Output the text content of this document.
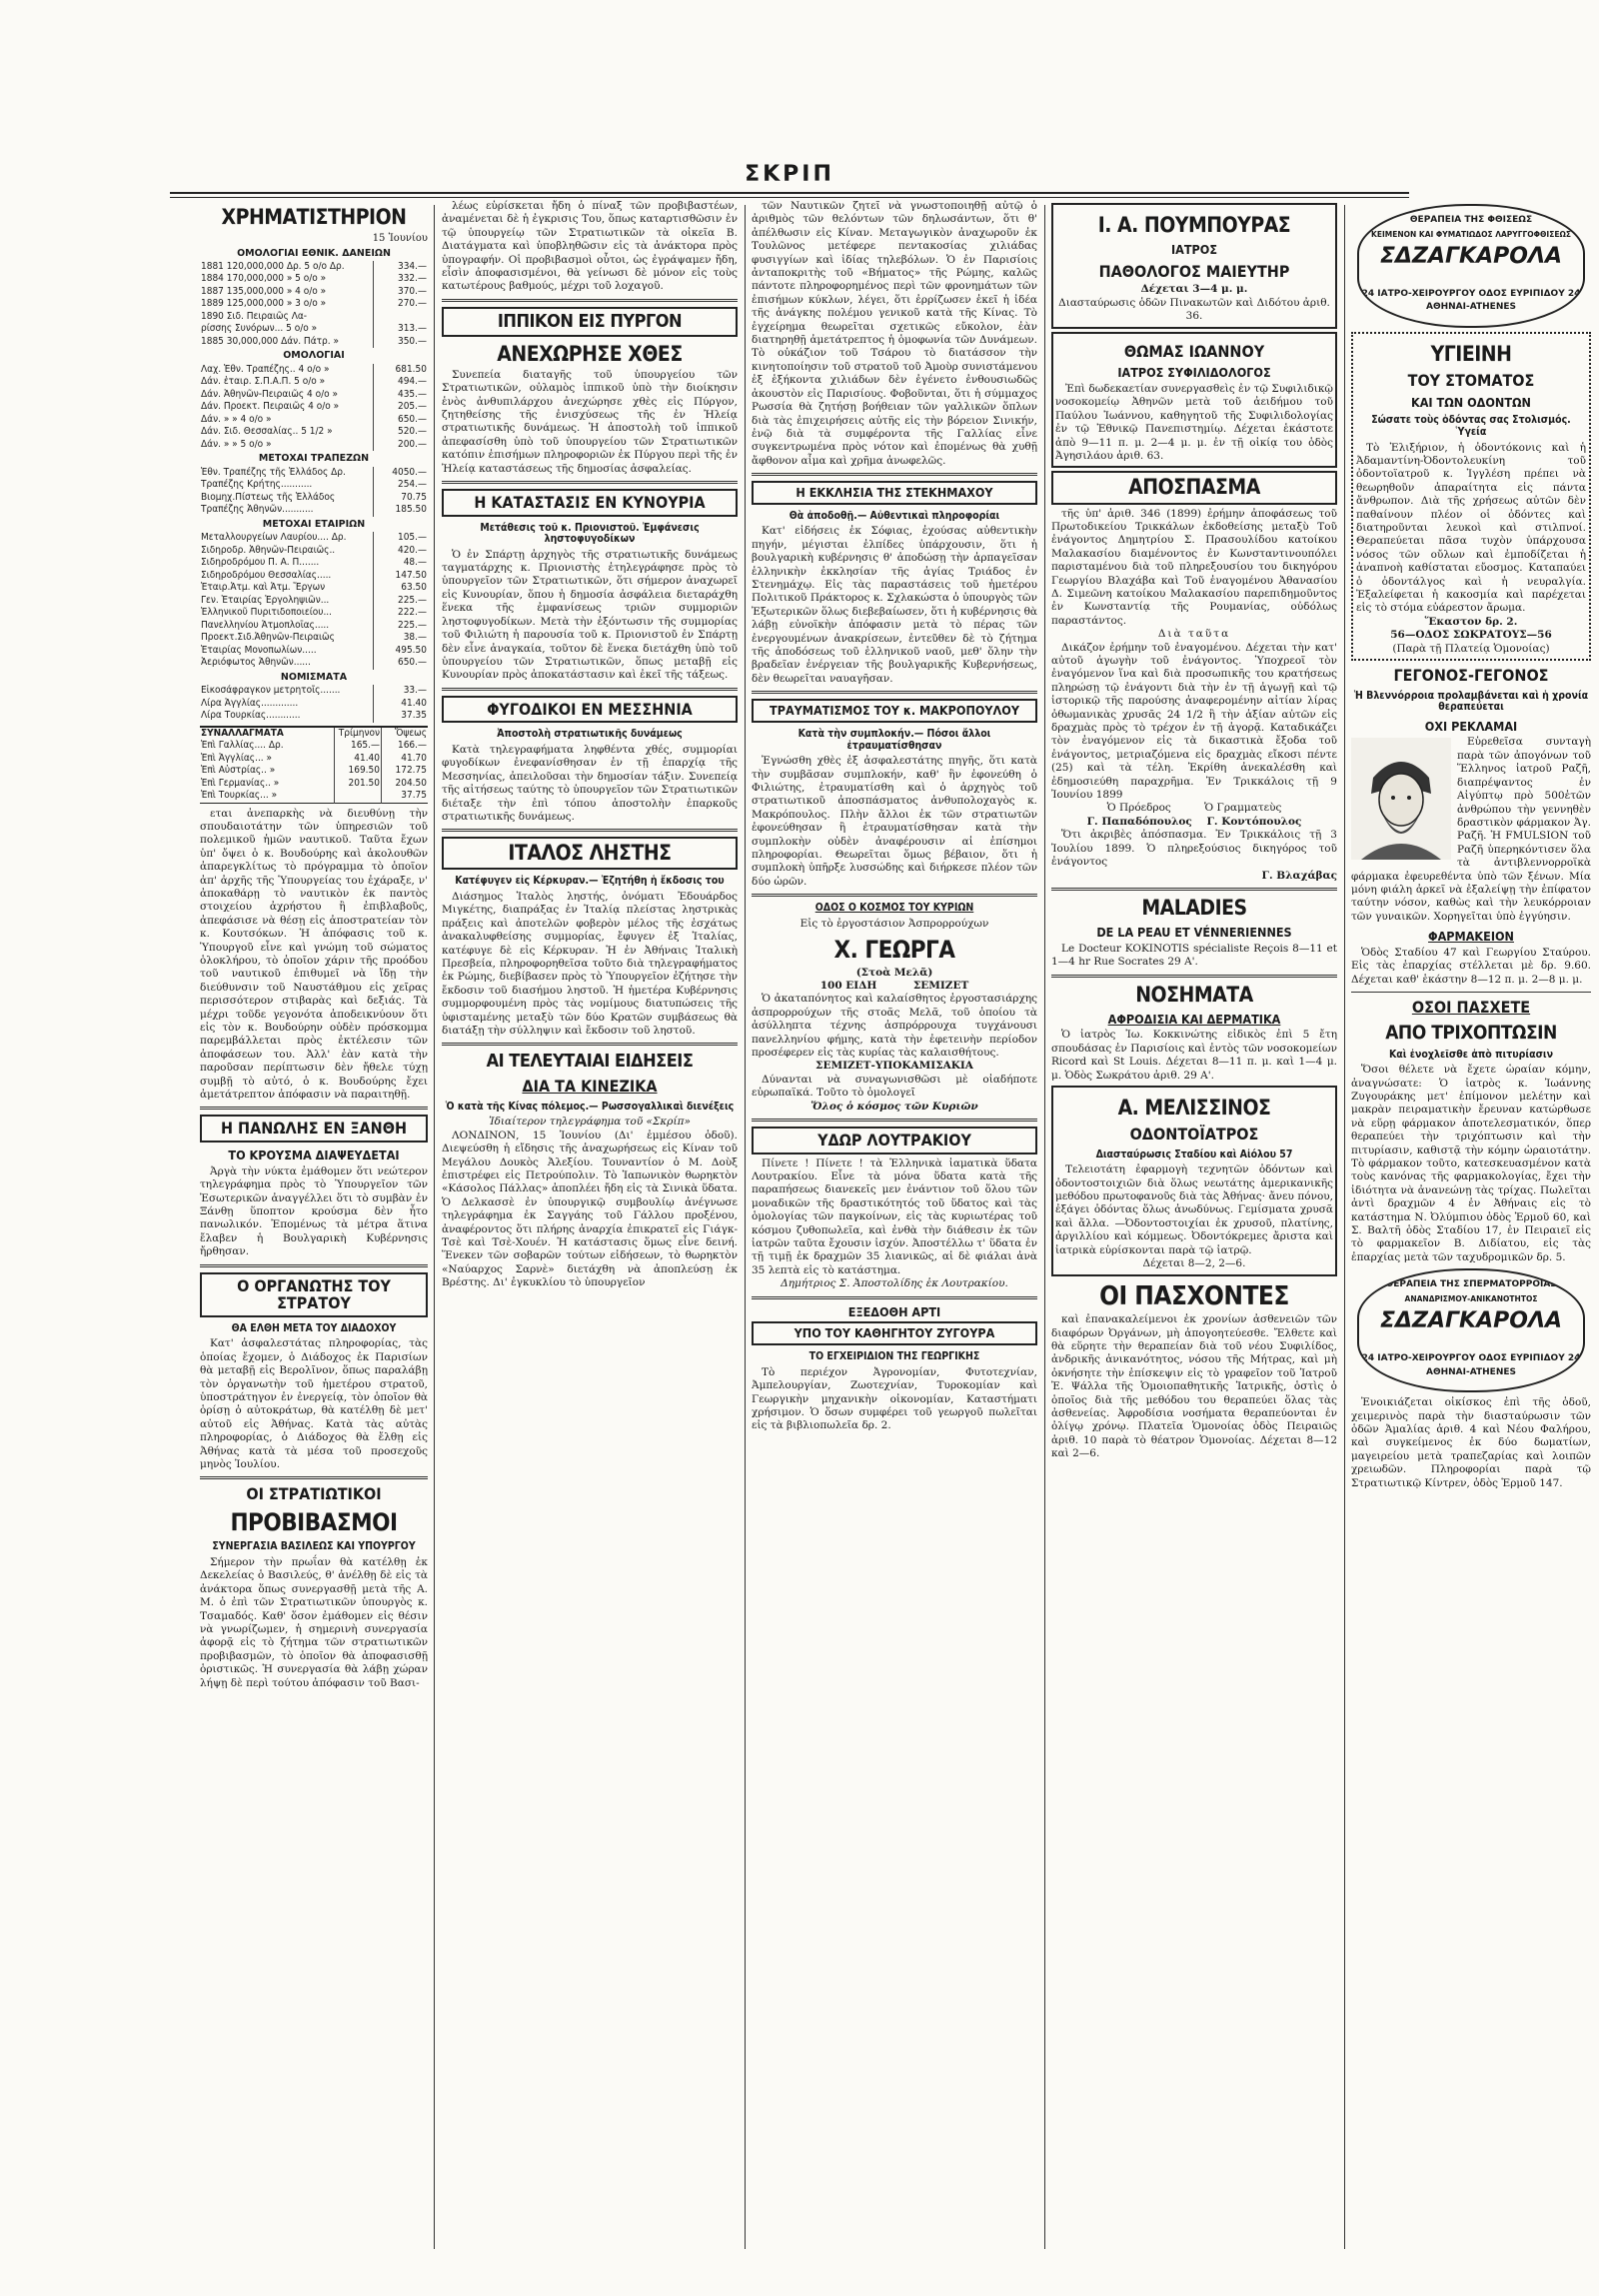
ΣΚΡΙΠ
ΧΡΗΜΑΤΙΣΤΗΡΙΟΝ
15 Ἰουνίου
ΟΜΟΛΟΓΙΑΙ ΕΘΝΙΚ. ΔΑΝΕΙΩΝ
1881 120,000,000 Δρ. 5 ο/ο Δρ.	334.—
1884 170,000,000 » 5 ο/ο »	332.—
1887 135,000,000 » 4 ο/ο »	370.—
1889 125,000,000 » 3 ο/ο »	270.—
1890 Σιδ. Πειραιῶς Λα-	
ρίσσης Συνόρων... 5 ο/ο »	313.—
1885 30,000,000 Δάν. Πάτρ. »	350.—
ΟΜΟΛΟΓΙΑΙ
Λαχ. Ἐθν. Τραπέζης.. 4 ο/ο »	681.50
Δάν. ἑταιρ. Σ.Π.Α.Π. 5 ο/ο »	494.—
Δάν. Ἀθηνῶν-Πειραιῶς 4 ο/ο »	435.—
Δάν. Προεκτ. Πειραιῶς 4 ο/ο »	205.—
Δάν. » » 4 ο/ο »	650.—
Δάν. Σιδ. Θεσσαλίας.. 5 1/2 »	520.—
Δάν. » » 5 ο/ο »	200.—
ΜΕΤΟΧΑΙ ΤΡΑΠΕΖΩΝ
Ἐθν. Τραπέζης τῆς Ἑλλάδος Δρ.	4050.—
Τραπέζης Κρήτης...........	254.—
Βιομηχ.Πίστεως τῆς Ἑλλάδος	70.75
Τραπέζης Ἀθηνῶν...........	185.50
ΜΕΤΟΧΑΙ ΕΤΑΙΡΙΩΝ
Μεταλλουργείων Λαυρίου.... Δρ.	105.—
Σιδηροδρ. Ἀθηνῶν-Πειραιῶς..	420.—
Σιδηροδρόμου Π. Α. Π.......	48.—
Σιδηροδρόμου Θεσσαλίας.....	147.50
Ἑταιρ.Ἀτμ. καὶ Ἀτμ. Ἔργων	63.50
Γεν. Ἑταιρίας Ἐργοληψιῶν...	225.—
Ἑλληνικοῦ Πυριτιδοποιείου...	222.—
Πανελληνίου Ἀτμοπλοΐας.....	225.—
Προεκτ.Σιδ.Ἀθηνῶν-Πειραιῶς	38.—
Ἑταιρίας Μονοπωλίων.....	495.50
Ἀεριόφωτος Ἀθηνῶν......	650.—
ΝΟΜΙΣΜΑΤΑ
Εἰκοσάφραγκον μετρητοῖς.......	33.—
Λίρα Ἀγγλίας.............	41.40
Λίρα Τουρκίας............	37.35
ΣΥΝΑΛΛΑΓΜΑΤΑ	Τρίμηνον	Ὄψεως
Ἐπὶ Γαλλίας.... Δρ.	165.—	166.—
Ἐπὶ Ἀγγλίας... »	41.40	41.70
Ἐπὶ Αὐστρίας.. »	169.50	172.75
Ἐπὶ Γερμανίας.. »	201.50	204.50
Ἐπὶ Τουρκίας... »		37.75

εται ἀνεπαρκὴς νὰ διευθύνῃ τὴν σπουδαιοτάτην τῶν ὑπηρεσιῶν τοῦ πολεμικοῦ ἡμῶν ναυτικοῦ. Ταῦτα ἔχων ὑπ' ὄψει ὁ κ. Βουδούρης καὶ ἀκολουθῶν ἀπαρεγκλίτως τὸ πρόγραμμα τὸ ὁποῖον ἀπ' ἀρχῆς τῆς Ὑπουργείας του ἐχάραξε, ν' ἀποκαθάρῃ τὸ ναυτικὸν ἐκ παντὸς στοιχείου ἀχρήστου ἢ ἐπιβλαβοῦς, ἀπεφάσισε νὰ θέσῃ εἰς ἀποστρατείαν τὸν κ. Κουτσόκων. Ἡ ἀπόφασις τοῦ κ. Ὑπουργοῦ εἶνε καὶ γνώμη τοῦ σώματος ὁλοκλήρου, τὸ ὁποῖον χάριν τῆς προόδου τοῦ ναυτικοῦ ἐπιθυμεῖ νὰ ἴδῃ τὴν διεύθυνσιν τοῦ Ναυστάθμου εἰς χεῖρας περισσότερον στιβαρὰς καὶ δεξιάς. Τὰ μέχρι τοῦδε γεγονότα ἀποδεικνύουν ὅτι εἰς τὸν κ. Βουδούρην οὐδὲν πρόσκομμα παρεμβάλλεται πρὸς ἐκτέλεσιν τῶν ἀποφάσεων του. Ἀλλ' ἐὰν κατὰ τὴν παροῦσαν περίπτωσιν δὲν ἤθελε τύχῃ συμβῇ τὸ αὐτό, ὁ κ. Βουδούρης ἔχει ἀμετάτρεπτον ἀπόφασιν νὰ παραιτηθῇ.

Η ΠΑΝΩΛΗΣ ΕΝ ΞΑΝΘΗ
ΤΟ ΚΡΟΥΣΜΑ ΔΙΑΨΕΥΔΕΤΑΙ

Ἀργὰ τὴν νύκτα ἐμάθομεν ὅτι νεώτερον τηλεγράφημα πρὸς τὸ Ὑπουργεῖον τῶν Ἐσωτερικῶν ἀναγγέλλει ὅτι τὸ συμβὰν ἐν Ξάνθῃ ὕποπτον κρούσμα δὲν ἦτο πανωλικόν. Ἐπομένως τὰ μέτρα ἅτινα ἔλαβεν ἡ Βουλγαρικὴ Κυβέρνησις ἤρθησαν.

Ο ΟΡΓΑΝΩΤΗΣ ΤΟΥ ΣΤΡΑΤΟΥ
ΘΑ ΕΛΘΗ ΜΕΤΑ ΤΟΥ ΔΙΑΔΟΧΟΥ

Κατ' ἀσφαλεστάτας πληροφορίας, τὰς ὁποίας ἔχομεν, ὁ Διάδοχος ἐκ Παρισίων θὰ μεταβῇ εἰς Βερολῖνον, ὅπως παραλάβῃ τὸν ὀργανωτὴν τοῦ ἡμετέρου στρατοῦ, ὑποστράτηγον ἐν ἐνεργείᾳ, τὸν ὁποῖον θὰ ὁρίσῃ ὁ αὐτοκράτωρ, θὰ κατέλθῃ δὲ μετ' αὐτοῦ εἰς Ἀθήνας. Κατὰ τὰς αὐτὰς πληροφορίας, ὁ Διάδοχος θὰ ἔλθῃ εἰς Ἀθήνας κατὰ τὰ μέσα τοῦ προσεχοῦς μηνὸς Ἰουλίου.

ΟΙ ΣΤΡΑΤΙΩΤΙΚΟΙ
ΠΡΟΒΙΒΑΣΜΟΙ
ΣΥΝΕΡΓΑΣΙΑ ΒΑΣΙΛΕΩΣ ΚΑΙ ΥΠΟΥΡΓΟΥ

Σήμερον τὴν πρωΐαν θὰ κατέλθῃ ἐκ Δεκελείας ὁ Βασιλεύς, θ' ἀνέλθῃ δὲ εἰς τὰ ἀνάκτορα ὅπως συνεργασθῇ μετὰ τῆς Α. Μ. ὁ ἐπὶ τῶν Στρατιωτικῶν ὑπουργὸς κ. Τσαμαδός. Καθ' ὅσον ἐμάθομεν εἰς θέσιν νὰ γνωρίζωμεν, ἡ σημερινὴ συνεργασία ἀφορᾷ εἰς τὸ ζήτημα τῶν στρατιωτικῶν προβιβασμῶν, τὸ ὁποῖον θὰ ἀποφασισθῇ ὁριστικῶς. Ἡ συνεργασία θὰ λάβῃ χώραν λήψῃ δὲ περὶ τούτου ἀπόφασιν τοῦ Βασι-

λέως εὑρίσκεται ἤδη ὁ πίναξ τῶν προβιβαστέων, ἀναμένεται δὲ ἡ ἐγκρισις Του, ὅπως καταρτισθῶσιν ἐν τῷ ὑπουργείῳ τῶν Στρατιωτικῶν τὰ οἰκεῖα Β. Διατάγματα καὶ ὑποβληθῶσιν εἰς τὰ ἀνάκτορα πρὸς ὑπογραφήν. Οἱ προβιβασμοὶ οὗτοι, ὡς ἐγράψαμεν ἤδη, εἶσὶν ἀποφασισμένοι, θὰ γείνωσι δὲ μόνον εἰς τοὺς κατωτέρους βαθμούς, μέχρι τοῦ λοχαγοῦ.

ΙΠΠΙΚΟΝ ΕΙΣ ΠΥΡΓΟΝ
ΑΝΕΧΩΡΗΣΕ ΧΘΕΣ

Συνεπεία διαταγῆς τοῦ ὑπουργείου τῶν Στρατιωτικῶν, οὐλαμὸς ἱππικοῦ ὑπὸ τὴν διοίκησιν ἑνὸς ἀνθυπιλάρχου ἀνεχώρησε χθὲς εἰς Πύργον, ζητηθείσης τῆς ἐνισχύσεως τῆς ἐν Ἠλείᾳ στρατιωτικῆς δυνάμεως. Ἡ ἀποστολὴ τοῦ ἱππικοῦ ἀπεφασίσθη ὑπὸ τοῦ ὑπουργείου τῶν Στρατιωτικῶν κατόπιν ἐπισήμων πληροφοριῶν ἐκ Πύργου περὶ τῆς ἐν Ἠλείᾳ καταστάσεως τῆς δημοσίας ἀσφαλείας.

Η ΚΑΤΑΣΤΑΣΙΣ ΕΝ ΚΥΝΟΥΡΙΑ
Μετάθεσις τοῦ κ. Πριονιστοῦ. Ἐμφάνεσις ληστοφυγοδίκων

Ὁ ἐν Σπάρτῃ ἀρχηγὸς τῆς στρατιωτικῆς δυνάμεως ταγματάρχης κ. Πριονιστὴς ἐτηλεγράφησε πρὸς τὸ ὑπουργεῖον τῶν Στρατιωτικῶν, ὅτι σήμερον ἀναχωρεῖ εἰς Κυνουρίαν, ὅπου ἡ δημοσία ἀσφάλεια διεταράχθη ἕνεκα τῆς ἐμφανίσεως τριῶν συμμοριῶν ληστοφυγοδίκων. Μετὰ τὴν ἐξόντωσιν τῆς συμμορίας τοῦ Φιλιώτη ἡ παρουσία τοῦ κ. Πριονιστοῦ ἐν Σπάρτῃ δὲν εἶνε ἀναγκαία, τοῦτον δὲ ἕνεκα διετάχθη ὑπὸ τοῦ ὑπουργείου τῶν Στρατιωτικῶν, ὅπως μεταβῇ εἰς Κυνουρίαν πρὸς ἀποκατάστασιν καὶ ἐκεῖ τῆς τάξεως.

ΦΥΓΟΔΙΚΟΙ ΕΝ ΜΕΣΣΗΝΙΑ
Ἀποστολὴ στρατιωτικῆς δυνάμεως

Κατὰ τηλεγραφήματα ληφθέντα χθές, συμμορίαι φυγοδίκων ἐνεφανίσθησαν ἐν τῇ ἐπαρχίᾳ τῆς Μεσσηνίας, ἀπειλοῦσαι τὴν δημοσίαν τάξιν. Συνεπείᾳ τῆς αἰτήσεως ταύτης τὸ ὑπουργεῖον τῶν Στρατιωτικῶν διέταξε τὴν ἐπὶ τόπου ἀποστολὴν ἐπαρκοῦς στρατιωτικῆς δυνάμεως.

ΙΤΑΛΟΣ ΛΗΣΤΗΣ
Κατέφυγεν εἰς Κέρκυραν.— Ἐζητήθη ἡ ἔκδοσις του

Διάσημος Ἰταλὸς ληστής, ὀνόματι Ἐδουάρδος Μιγκέτης, διαπράξας ἐν Ἰταλίᾳ πλείστας ληστρικὰς πράξεις καὶ ἀποτελῶν φοβερὸν μέλος τῆς ἐσχάτως ἀνακαλυφθείσης συμμορίας, ἔφυγεν ἐξ Ἰταλίας, κατέφυγε δὲ εἰς Κέρκυραν. Ἡ ἐν Ἀθήναις Ἰταλικὴ Πρεσβεία, πληροφορηθεῖσα τοῦτο διὰ τηλεγραφήματος ἐκ Ρώμης, διεβίβασεν πρὸς τὸ Ὑπουργεῖον ἐζήτησε τὴν ἔκδοσιν τοῦ διασήμου ληστοῦ. Ἡ ἡμετέρα Κυβέρνησις συμμορφουμένη πρὸς τὰς νομίμους διατυπώσεις τῆς ὑφισταμένης μεταξὺ τῶν δύο Κρατῶν συμβάσεως θὰ διατάξῃ τὴν σύλληψιν καὶ ἔκδοσιν τοῦ ληστοῦ.

ΑΙ ΤΕΛΕΥΤΑΙΑΙ ΕΙΔΗΣΕΙΣ
ΔΙΑ ΤΑ ΚΙΝΕΖΙΚΑ
Ὁ κατὰ τῆς Κίνας πόλεμος.— Ρωσσογαλλικαὶ διενέξεις
Ἰδιαίτερον τηλεγράφημα τοῦ «Σκρίπ»

ΛΟΝΔΙΝΟΝ, 15 Ἰουνίου (Δι' ἐμμέσου ὁδοῦ). Διεψεύσθη ἡ εἴδησις τῆς ἀναχωρήσεως εἰς Κίναν τοῦ Μεγάλου Δουκὸς Ἀλεξίου. Τουναντίον ὁ Μ. Δοὺξ ἐπιστρέφει εἰς Πετρούπολιν. Τὸ Ἰαπωνικὸν θωρηκτὸν «Κάσολος Πάλλας» ἀποπλέει ἤδη εἰς τὰ Σινικὰ ὕδατα. Ὁ Δελκασσὲ ἐν ὑπουργικῷ συμβουλίῳ ἀνέγνωσε τηλεγράφημα ἐκ Σαγγάης τοῦ Γάλλου προξένου, ἀναφέροντος ὅτι πλήρης ἀναρχία ἐπικρατεῖ εἰς Γιάγκ-Τσὲ καὶ Τσὲ-Χουέν. Ἡ κατάστασις ὅμως εἶνε δεινή. Ἕνεκεν τῶν σοβαρῶν τούτων εἰδήσεων, τὸ θωρηκτὸν «Ναύαρχος Σαρνὲ» διετάχθη νὰ ἀποπλεύσῃ ἐκ Βρέστης. Δι' ἐγκυκλίου τὸ ὑπουργεῖον

τῶν Ναυτικῶν ζητεῖ νὰ γνωστοποιηθῇ αὐτῷ ὁ ἀριθμὸς τῶν θελόντων τῶν δηλωσάντων, ὅτι θ' ἀπέλθωσιν εἰς Κίναν. Μεταγωγικὸν ἀναχωροῦν ἐκ Τουλῶνος μετέφερε πεντακοσίας χιλιάδας φυσιγγίων καὶ ἱδίας τηλεβόλων. Ὁ ἐν Παρισίοις ἀνταποκριτὴς τοῦ «Βήματος» τῆς Ρώμης, καλῶς πάντοτε πληροφορημένος περὶ τῶν φρονημάτων τῶν ἐπισήμων κύκλων, λέγει, ὅτι ἐρρίζωσεν ἐκεῖ ἡ ἰδέα τῆς ἀνάγκης πολέμου γενικοῦ κατὰ τῆς Κίνας. Τὸ ἐγχείρημα θεωρεῖται σχετικῶς εὔκολον, ἐὰν διατηρηθῇ ἀμετάτρεπτος ἡ ὁμοφωνία τῶν Δυνάμεων. Τὸ οὐκάζιον τοῦ Τσάρου τὸ διατάσσον τὴν κινητοποίησιν τοῦ στρατοῦ τοῦ Ἀμοὺρ συνιστάμενου ἐξ ἑξήκοντα χιλιάδων δὲν ἐγένετο ἐνθουσιωδῶς ἀκουστὸν εἰς Παρισίους. Φοβοῦνται, ὅτι ἡ σύμμαχος Ρωσσία θὰ ζητήσῃ βοήθειαν τῶν γαλλικῶν ὅπλων διὰ τὰς ἐπιχειρήσεις αὐτῆς εἰς τὴν βόρειον Σινικήν, ἐνῷ διὰ τὰ συμφέροντα τῆς Γαλλίας εἶνε συγκεντρωμένα πρὸς νότον καὶ ἐπομένως θὰ χυθῇ ἄφθονον αἷμα καὶ χρῆμα ἀνωφελῶς.

Η ΕΚΚΛΗΣΙΑ ΤΗΣ ΣΤΕΚΗΜΑΧΟΥ
Θὰ ἀποδοθῇ.— Αὐθεντικαὶ πληροφορίαι

Κατ' εἰδήσεις ἐκ Σόφιας, ἐχούσας αὐθεντικὴν πηγήν, μέγισται ἐλπίδες ὑπάρχουσιν, ὅτι ἡ βουλγαρικὴ κυβέρνησις θ' ἀποδώσῃ τὴν ἁρπαγεῖσαν ἑλληνικὴν ἐκκλησίαν τῆς ἁγίας Τριάδος ἐν Στενημάχῳ. Εἰς τὰς παραστάσεις τοῦ ἡμετέρου Πολιτικοῦ Πράκτορος κ. Σχλακώστα ὁ ὑπουργὸς τῶν Ἐξωτερικῶν ὅλως διεβεβαίωσεν, ὅτι ἡ κυβέρνησις θὰ λάβῃ εὐνοϊκὴν ἀπόφασιν μετὰ τὸ πέρας τῶν ἐνεργουμένων ἀνακρίσεων, ἐντεῦθεν δὲ τὸ ζήτημα τῆς ἀποδόσεως τοῦ ἑλληνικοῦ ναοῦ, μεθ' ὅλην τὴν βραδεῖαν ἐνέργειαν τῆς βουλγαρικῆς Κυβερνήσεως, δὲν θεωρεῖται ναυαγῆσαν.

ΤΡΑΥΜΑΤΙΣΜΟΣ ΤΟΥ κ. ΜΑΚΡΟΠΟΥΛΟΥ
Κατὰ τὴν συμπλοκήν.— Πόσοι ἄλλοι ἐτραυματίσθησαν

Ἐγνώσθη χθὲς ἐξ ἀσφαλεστάτης πηγῆς, ὅτι κατὰ τὴν συμβᾶσαν συμπλοκήν, καθ' ἣν ἐφονεύθη ὁ Φιλιώτης, ἐτραυματίσθη καὶ ὁ ἀρχηγὸς τοῦ στρατιωτικοῦ ἀποσπάσματος ἀνθυπολοχαγὸς κ. Μακρόπουλος. Πλὴν ἄλλοι ἐκ τῶν στρατιωτῶν ἐφονεύθησαν ἢ ἐτραυματίσθησαν κατὰ τὴν συμπλοκὴν οὐδὲν ἀναφέρουσιν αἱ ἐπίσημοι πληροφορίαι. Θεωρεῖται ὅμως βέβαιον, ὅτι ἡ συμπλοκὴ ὑπῆρξε λυσσώδης καὶ διήρκεσε πλέον τῶν δύο ὡρῶν.

ΟΔΟΣ Ο ΚΟΣΜΟΣ ΤΟΥ ΚΥΡΙΩΝ
Εἰς τὸ ἐργοστάσιον Ἀσπρορρούχων
Χ. ΓΕΩΡΓΑ
(Στοὰ Μελᾶ)
100 ΕΙΔΗ          ΣΕΜΙΖΕΤ

Ὁ ἀκαταπόνητος καὶ καλαίσθητος ἐργοστασιάρχης ἀσπρορρούχων τῆς στοᾶς Μελᾶ, τοῦ ὁποίου τὰ ἀσύλληπτα τέχνης ἀσπρόρρουχα τυγχάνουσι πανελληνίου φήμης, κατὰ τὴν ἐφετεινὴν περίοδον προσέφερεν εἰς τὰς κυρίας τὰς καλαισθήτους.

ΣΕΜΙΖΕΤ-ΥΠΟΚΑΜΙΣΑΚΙΑ

Δύνανται νὰ συναγωνισθῶσι μὲ οἰαδήποτε εὐρωπαϊκά. Τοῦτο τὸ ὁμολογεῖ

Ὅλος ὁ κόσμος τῶν Κυριῶν
ΥΔΩΡ ΛΟΥΤΡΑΚΙΟΥ

Πίνετε ! Πίνετε ! τὰ Ἑλληνικὰ ἰαματικὰ ὕδατα Λουτρακίου. Εἶνε τὰ μόνα ὕδατα κατὰ τῆς παραπήσεως διανεκεῖς μεν ἐνάντιον τοῦ ὅλου τῶν μοναδικῶν τῆς δραστικότητός τοῦ ὕδατος καὶ τὰς ὁμολογίας τῶν παγκοίνων, εἰς τὰς κυριωτέρας τοῦ κόσμου ζυθοπωλεῖα, καὶ ἐνθὰ τὴν διάθεσιν ἐκ τῶν ἰατρῶν ταῦτα ἔχουσιν ἰσχύν. Ἀποστέλλω τ' ὕδατα ἐν τῇ τιμῇ ἐκ δραχμῶν 35 λιανικῶς, αἱ δὲ φιάλαι ἀνὰ 35 λεπτὰ εἰς τὸ κατάστημα.

Δημήτριος Σ. Ἀποστολίδης ἐκ Λουτρακίου.
ΕΞΕΔΟΘΗ ΑΡΤΙ
ΥΠΟ ΤΟΥ ΚΑΘΗΓΗΤΟΥ ΖΥΓΟΥΡΑ
ΤΟ ΕΓΧΕΙΡΙΔΙΟΝ ΤΗΣ ΓΕΩΡΓΙΚΗΣ

Τὸ περιέχον Ἀγρονομίαν, Φυτοτεχνίαν, Ἀμπελουργίαν, Ζωοτεχνίαν, Τυροκομίαν καὶ Γεωργικὴν μηχανικὴν οἰκονομίαν, Καταστήματι χρήσιμον. Ὁ ὅσων συμφέρει τοῦ γεωργοῦ πωλεῖται εἰς τὰ βιβλιοπωλεῖα δρ. 2.

Ι. Α. ΠΟΥΜΠΟΥΡΑΣ
ΙΑΤΡΟΣ
ΠΑΘΟΛΟΓΟΣ ΜΑΙΕΥΤΗΡ
Δέχεται 3—4 μ. μ.
Διασταύρωσις ὁδῶν Πινακωτῶν καὶ Διδότου ἀριθ. 36.
ΘΩΜΑΣ ΙΩΑΝΝΟΥ
ΙΑΤΡΟΣ ΣΥΦΙΛΙΔΟΛΟΓΟΣ

Ἐπὶ δωδεκαετίαν συνεργασθεὶς ἐν τῷ Συφιλιδικῷ νοσοκομείῳ Ἀθηνῶν μετὰ τοῦ ἀειδήμου τοῦ Παύλου Ἰωάννου, καθηγητοῦ τῆς Συφιλιδολογίας ἐν τῷ Ἐθνικῷ Πανεπιστημίῳ. Δέχεται ἑκάστοτε ἀπὸ 9—11 π. μ. 2—4 μ. μ. ἐν τῇ οἰκίᾳ του ὁδὸς Ἀγησιλάου ἀριθ. 63.

ΑΠΟΣΠΑΣΜΑ

τῆς ὑπ' ἀριθ. 346 (1899) ἐρήμην ἀποφάσεως τοῦ Πρωτοδικείου Τρικκάλων ἐκδοθείσης μεταξὺ Τοῦ ἐνάγοντος Δημητρίου Σ. Πρασουλίδου κατοίκου Μαλακασίου διαμένοντος ἐν Κωνσταντινουπόλει παρισταμένου διὰ τοῦ πληρεξουσίου του δικηγόρου Γεωργίου Βλαχάβα καὶ Τοῦ ἐναγομένου Ἀθανασίου Δ. Σιμεῶνη κατοίκου Μαλακασίου παρεπιδημοῦντος ἐν Κωνσταντίᾳ τῆς Ρουμανίας, οὐδόλως παραστάντος.

Διὰ ταῦτα

Δικάζον ἐρήμην τοῦ ἐναγομένου. Δέχεται τὴν κατ' αὐτοῦ ἀγωγὴν τοῦ ἐνάγοντος. Ὑποχρεοῖ τὸν ἐναγόμενον ἵνα καὶ διὰ προσωπικῆς του κρατήσεως πληρώσῃ τῷ ἐνάγοντι διὰ τὴν ἐν τῇ ἀγωγῇ καὶ τῷ ἱστορικῷ τῆς παρούσης ἀναφερομένην αἰτίαν λίρας ὀθωμανικὰς χρυσᾶς 24 1/2 ἢ τὴν ἀξίαν αὐτῶν εἰς δραχμὰς πρὸς τὸ τρέχον ἐν τῇ ἀγορᾷ. Καταδικάζει τὸν ἐναγόμενον εἰς τὰ δικαστικὰ ἔξοδα τοῦ ἐνάγοντος, μετριαζόμενα εἰς δραχμὰς εἴκοσι πέντε (25) καὶ τὰ τέλη. Ἐκρίθη ἀνεκαλέσθη καὶ ἐδημοσιεύθη παραχρῆμα. Ἐν Τρικκάλοις τῇ 9 Ἰουνίου 1899

Ὁ Πρόεδρος          Ὁ Γραμματεὺς
Γ. Παπαδόπουλος    Γ. Κοντόπουλος

Ὅτι ἀκριβὲς ἀπόσπασμα. Ἐν Τρικκάλοις τῇ 3 Ἰουλίου 1899. Ὁ πληρεξούσιος δικηγόρος τοῦ ἐνάγοντος

Γ. Βλαχάβας
MALADIES
DE LA PEAU ET VÉNNERIENNES

Le Docteur KOKINOTIS spécialiste Reçois 8—11 et 1—4 hr Rue Socrates 29 A'.

ΝΟΣΗΜΑΤΑ
ΑΦΡΟΔΙΣΙΑ ΚΑΙ ΔΕΡΜΑΤΙΚΑ

Ὁ ἰατρὸς Ἰω. Κοκκινώτης εἰδικὸς ἐπὶ 5 ἔτη σπουδάσας ἐν Παρισίοις καὶ ἐντὸς τῶν νοσοκομείων Ricord καὶ St Louis. Δέχεται 8—11 π. μ. καὶ 1—4 μ. μ. Ὁδὸς Σωκράτου ἀριθ. 29 Α'.

Α. ΜΕΛΙΣΣΙΝΟΣ
ΟΔΟΝΤΟΪΑΤΡΟΣ
Διασταύρωσις Σταδίου καὶ Αἰόλου 57

Τελειοτάτη ἐφαρμογὴ τεχνητῶν ὀδόντων καὶ ὀδοντοστοιχιῶν διὰ ὅλως νεωτάτης ἀμερικανικῆς μεθόδου πρωτοφανοῦς διὰ τὰς Ἀθήνας· ἄνευ πόνου, ἐξάγει ὀδόντας ὅλως ἀνωδύνως. Γεμίσματα χρυσᾶ καὶ ἄλλα. —Ὀδοντοστοιχίαι ἐκ χρυσοῦ, πλατίνης, ἀργιλλίου καὶ κόμμεως. Ὀδοντόκρεμες ἄριστα καὶ ἰατρικὰ εὑρίσκονται παρὰ τῷ ἰατρῷ.

Δέχεται 8—2, 2—6.
ΟΙ ΠΑΣΧΟΝΤΕΣ

καὶ ἐπανακαλείμενοι ἐκ χρονίων ἀσθενειῶν τῶν διαφόρων Ὀργάνων, μὴ ἀπογοητεύεσθε. Ἔλθετε καὶ θὰ εὕρητε τὴν θεραπείαν διὰ τοῦ νέου Συφιλίδος, ἀνδρικῆς ἀνικανότητος, νόσου τῆς Μήτρας, καὶ μὴ ὀκνήσητε τὴν ἐπίσκεψιν εἰς τὸ γραφεῖον τοῦ Ἰατροῦ Ἐ. Ψάλλα τῆς Ὁμοιοπαθητικῆς Ἰατρικῆς, ὁστὶς ὁ ὁποῖος διὰ τῆς μεθόδου του θεραπεύει ὅλας τὰς ἀσθενείας. Ἀφροδίσια νοσήματα θεραπεύονται ἐν ὀλίγῳ χρόνῳ. Πλατεῖα Ὁμονοίας ὁδὸς Πειραιῶς ἀριθ. 10 παρὰ τὸ θέατρον Ὁμονοίας. Δέχεται 8—12 καὶ 2—6.

ΘΕΡΑΠΕΙΑ ΤΗΣ ΦΘΙΣΕΩΣ
ΚΕΙΜΕΝΟΝ ΚΑΙ ΦΥΜΑΤΙΩΔΟΣ ΛΑΡΥΓΓΟΦΘΙΣΕΩΣ
ΣΔΖΑΓΚΑΡΟΛΑ
24 ΙΑΤΡΟ-ΧΕΙΡΟΥΡΓΟΥ ΟΔΟΣ ΕΥΡΙΠΙΔΟΥ 24 ΑΘΗΝΑΙ-ATHENES
ΥΓΙΕΙΝΗ
ΤΟΥ ΣΤΟΜΑΤΟΣ
ΚΑΙ ΤΩΝ ΟΔΟΝΤΩΝ
Σώσατε τοὺς ὀδόντας σας Στολισμός. Ὑγεία

Τὸ Ἐλιξήριον, ἡ ὀδοντόκονις καὶ ἡ Ἀδαμαντίνη-Ὀδοντολευκίνη τοῦ ὀδοντοϊατροῦ κ. Ἰγγλέση πρέπει νὰ θεωρηθοῦν ἀπαραίτητα εἰς πάντα ἄνθρωπον. Διὰ τῆς χρήσεως αὐτῶν δὲν παθαίνουν πλέον οἱ ὀδόντες καὶ διατηροῦνται λευκοὶ καὶ στιλπνοί. Θεραπεύεται πᾶσα τυχὸν ὑπάρχουσα νόσος τῶν οὔλων καὶ ἐμποδίζεται ἡ ἀναπνοὴ καθίσταται εὔοσμος. Καταπαύει ὁ ὀδοντάλγος καὶ ἡ νευραλγία. Ἐξαλείφεται ἡ κακοσμία καὶ παρέχεται εἰς τὸ στόμα εὐάρεστον ἄρωμα.

Ἕκαστον δρ. 2.
56—ΟΔΟΣ ΣΩΚΡΑΤΟΥΣ—56
(Παρὰ τῇ Πλατείᾳ Ὁμονοίας)
ΓΕΓΟΝΟΣ-ΓΕΓΟΝΟΣ
Ἡ Βλεννόρροια προλαμβάνεται καὶ ἡ χρονία θεραπεύεται
ΟΧΙ ΡΕΚΛΑΜΑΙ

Εὑρεθεῖσα συνταγὴ παρὰ τῶν ἀπογόνων τοῦ Ἕλληνος ἰατροῦ Ραζῆ, διαπρέψαντος ἐν Αἰγύπτῳ πρὸ 500ἐτῶν ἀνθρώπου τὴν γεννηθὲν δραστικὸν φάρμακον Ἀγ. Ραζῆ. Ἡ FMULSION τοῦ Ραζῆ ὑπερηκόντισεν ὅλα τὰ ἀντιβλεννορροϊκὰ φάρμακα ἐφευρεθέντα ὑπὸ τῶν ξένων. Μία μόνη φιάλη ἀρκεῖ νὰ ἐξαλείψῃ τὴν ἐπίφατον ταύτην νόσον, καθὼς καὶ τὴν λευκόρροιαν τῶν γυναικῶν. Χορηγεῖται ὑπὸ ἐγγύησιν.

ΦΑΡΜΑΚΕΙΟΝ

Ὁδὸς Σταδίου 47 καὶ Γεωργίου Σταύρου. Εἰς τὰς ἐπαρχίας στέλλεται μὲ δρ. 9.60. Δέχεται καθ' ἑκάστην 8—12 π. μ. 2—8 μ. μ.

ΟΣΟΙ ΠΑΣΧΕΤΕ
ΑΠΟ ΤΡΙΧΟΠΤΩΣΙΝ
Καὶ ἐνοχλεῖσθε ἀπὸ πιτυρίασιν

Ὅσοι θέλετε νὰ ἔχετε ὡραίαν κόμην, ἀναγνώσατε: Ὁ ἰατρὸς κ. Ἰωάννης Ζυγουράκης μετ' ἐπίμονον μελέτην καὶ μακρὰν πειραματικὴν ἔρευναν κατώρθωσε νὰ εὕρῃ φάρμακον ἀποτελεσματικόν, ὅπερ θεραπεύει τὴν τριχόπτωσιν καὶ τὴν πιτυρίασιν, καθιστᾷ τὴν κόμην ὡραιοτάτην. Τὸ φάρμακον τοῦτο, κατεσκευασμένον κατὰ τοὺς κανόνας τῆς φαρμακολογίας, ἔχει τὴν ἰδιότητα νὰ ἀνανεώνῃ τὰς τρίχας. Πωλεῖται ἀντὶ δραχμῶν 4 ἐν Ἀθήναις εἰς τὸ κατάστημα Ν. Ὀλύμπιου ὁδὸς Ἑρμοῦ 60, καὶ Σ. Βαλτῆ ὁδὸς Σταδίου 17, ἐν Πειραιεῖ εἰς τὸ φαρμακεῖον Β. Διδίατου, εἰς τὰς ἐπαρχίας μετὰ τῶν ταχυδρομικῶν δρ. 5.

ΘΕΡΑΠΕΙΑ ΤΗΣ ΣΠΕΡΜΑΤΟΡΡΟΙΑΣ
ΑΝΑΝΔΡΙΣΜΟΥ-ΑΝΙΚΑΝΟΤΗΤΟΣ
ΣΔΖΑΓΚΑΡΟΛΑ
24 ΙΑΤΡΟ-ΧΕΙΡΟΥΡΓΟΥ ΟΔΟΣ ΕΥΡΙΠΙΔΟΥ 24 ΑΘΗΝΑΙ-ATHENES

Ἐνοικιάζεται οἰκίσκος ἐπὶ τῆς ὁδοῦ, χειμερινὸς παρὰ τὴν διασταύρωσιν τῶν ὁδῶν Ἀμαλίας ἀριθ. 4 καὶ Νέου Φαλήρου, καὶ συγκείμενος ἐκ δύο δωματίων, μαγειρείου μετὰ τραπεζαρίας καὶ λοιπῶν χρειωδῶν. Πληροφορίαι παρὰ τῷ Στρατιωτικῷ Κίντρεν, ὁδὸς Ἑρμοῦ 147.
